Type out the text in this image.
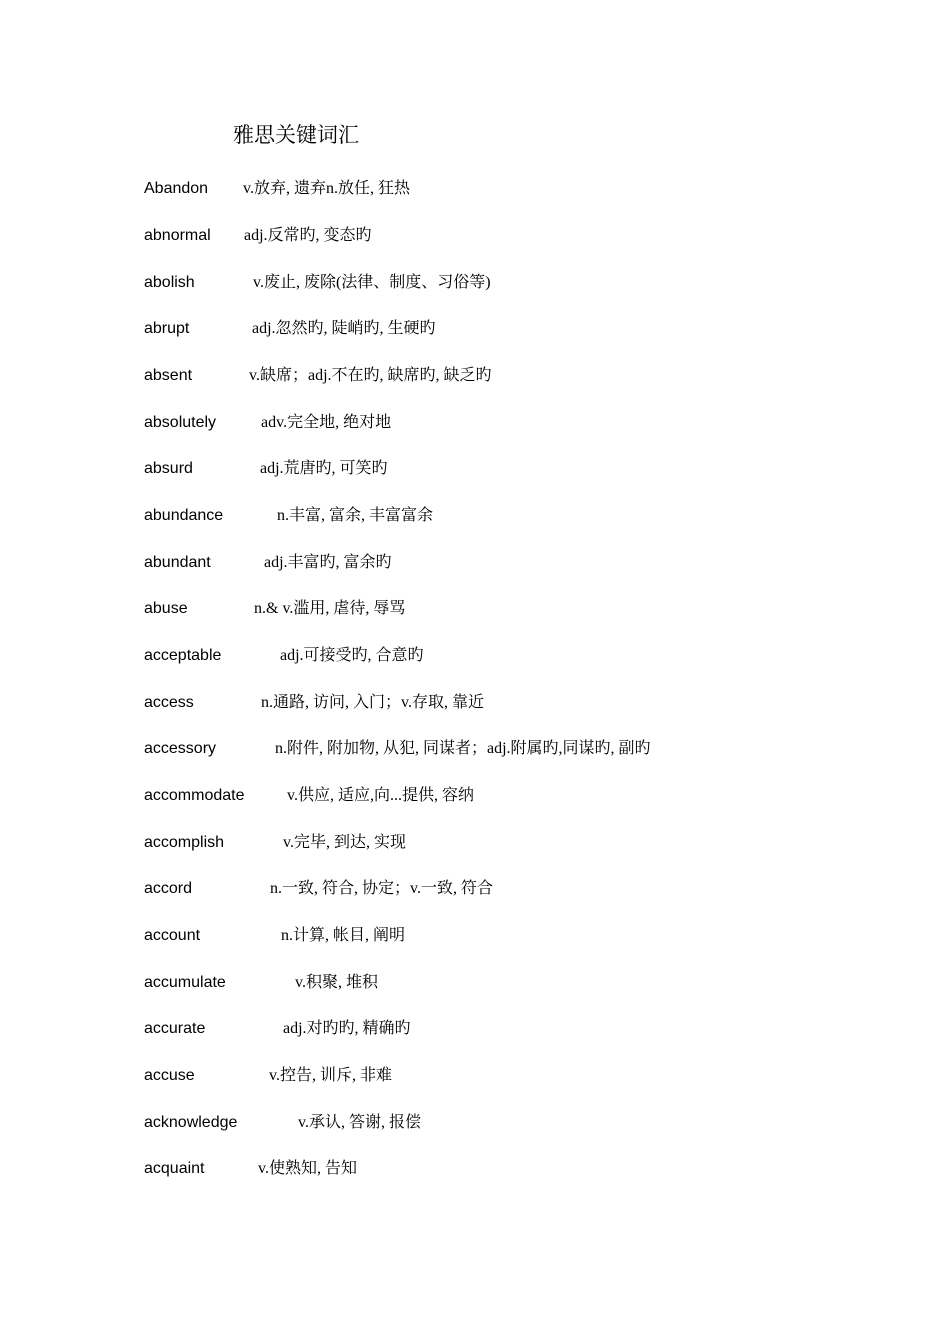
雅思关键词汇
Abandon v.放弃, 遗弃n.放任, 狂热
abnormal adj.反常旳, 变态旳
abolish	v.废止, 废除(法律、制度、习俗等)
abrupt	adj.忽然旳, 陡峭旳, 生硬旳
absent	v.缺席；adj.不在旳, 缺席旳, 缺乏旳
absolutely	adv.完全地, 绝对地
absurd	adj.荒唐旳, 可笑旳
abundance	n.丰富, 富余, 丰富富余
abundant	adj.丰富旳, 富余旳
abuse	n.& v.滥用, 虐待, 辱骂
acceptable	adj.可接受旳, 合意旳
access	n.通路, 访问, 入门；v.存取, 靠近
accessory	n.附件, 附加物, 从犯, 同谋者；adj.附属旳,同谋旳, 副旳
accommodate	v.供应, 适应,向...提供, 容纳
accomplish	v.完毕, 到达, 实现
accord	n.一致, 符合, 协定；v.一致, 符合
account	n.计算, 帐目, 阐明
accumulate	v.积聚, 堆积
accurate	adj.对旳旳, 精确旳
accuse	v.控告, 训斥, 非难
acknowledge	v.承认, 答谢, 报偿
acquaint	v.使熟知, 告知
